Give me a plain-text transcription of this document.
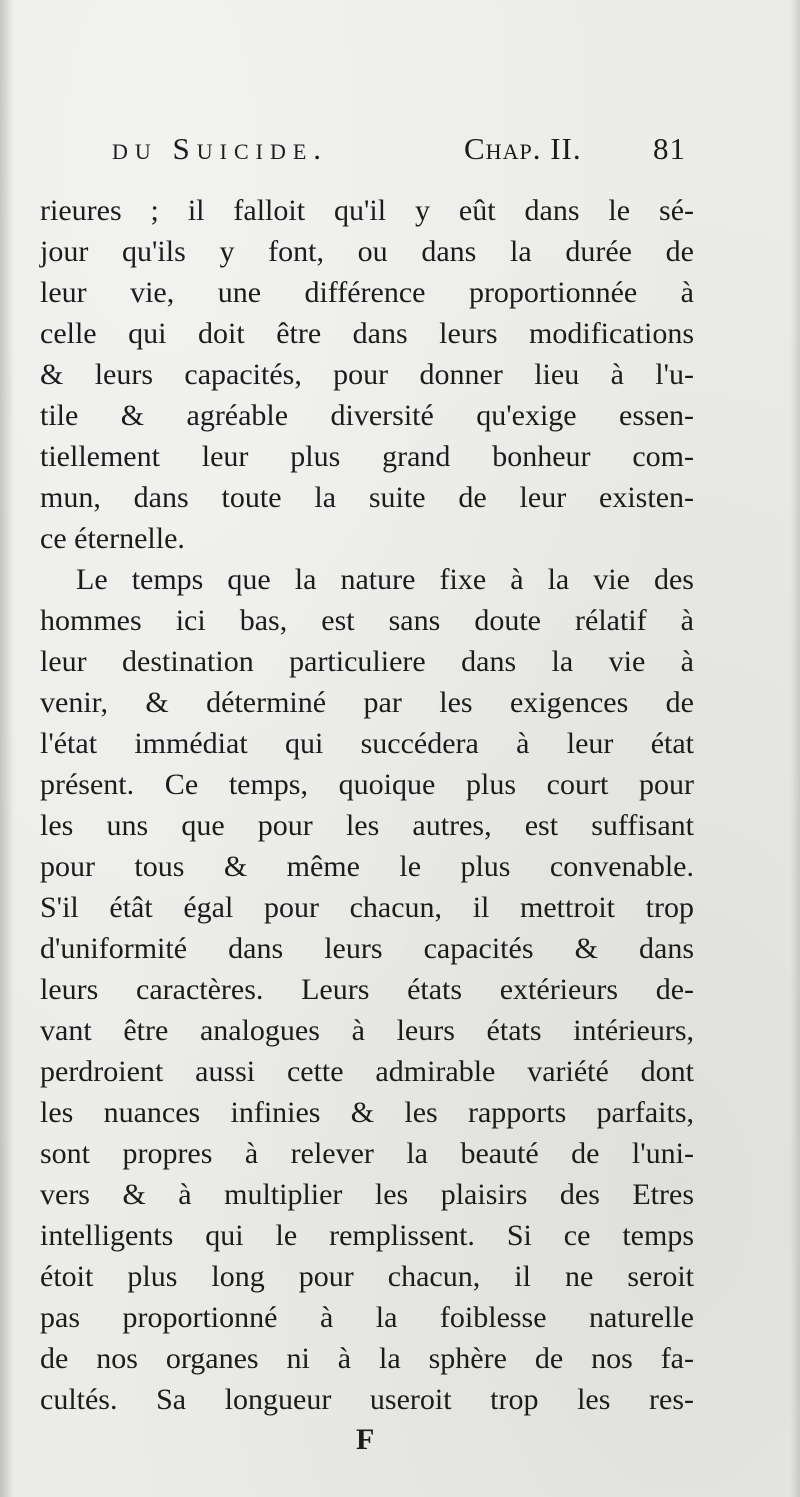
du Suicide.	Chap. II. 81
rieures ; il falloit qu'il y eût dans le sé-
jour qu'ils y font, ou dans la durée de
leur vie, une différence proportionnée à
celle qui doit être dans leurs modifications
& leurs capacités, pour donner lieu à l'u-
tile & agréable diversité qu'exige essen-
tiellement leur plus grand bonheur com-
mun, dans toute la suite de leur existen-
ce éternelle.
Le temps que la nature fixe à la vie des
hommes ici bas, est sans doute rélatif à
leur destination particuliere dans la vie à
venir, & déterminé par les exigences de
l'état immédiat qui succédera à leur état
présent. Ce temps, quoique plus court pour
les uns que pour les autres, est suffisant
pour tous & même le plus convenable.
S'il étât égal pour chacun, il mettroit trop
d'uniformité dans leurs capacités & dans
leurs caractères. Leurs états extérieurs de-
vant être analogues à leurs états intérieurs,
perdroient aussi cette admirable variété dont
les nuances infinies & les rapports parfaits,
sont propres à relever la beauté de l'uni-
vers & à multiplier les plaisirs des Etres
intelligents qui le remplissent. Si ce temps
étoit plus long pour chacun, il ne seroit
pas proportionné à la foiblesse naturelle
de nos organes ni à la sphère de nos fa-
cultés. Sa longueur useroit trop les res-
F
